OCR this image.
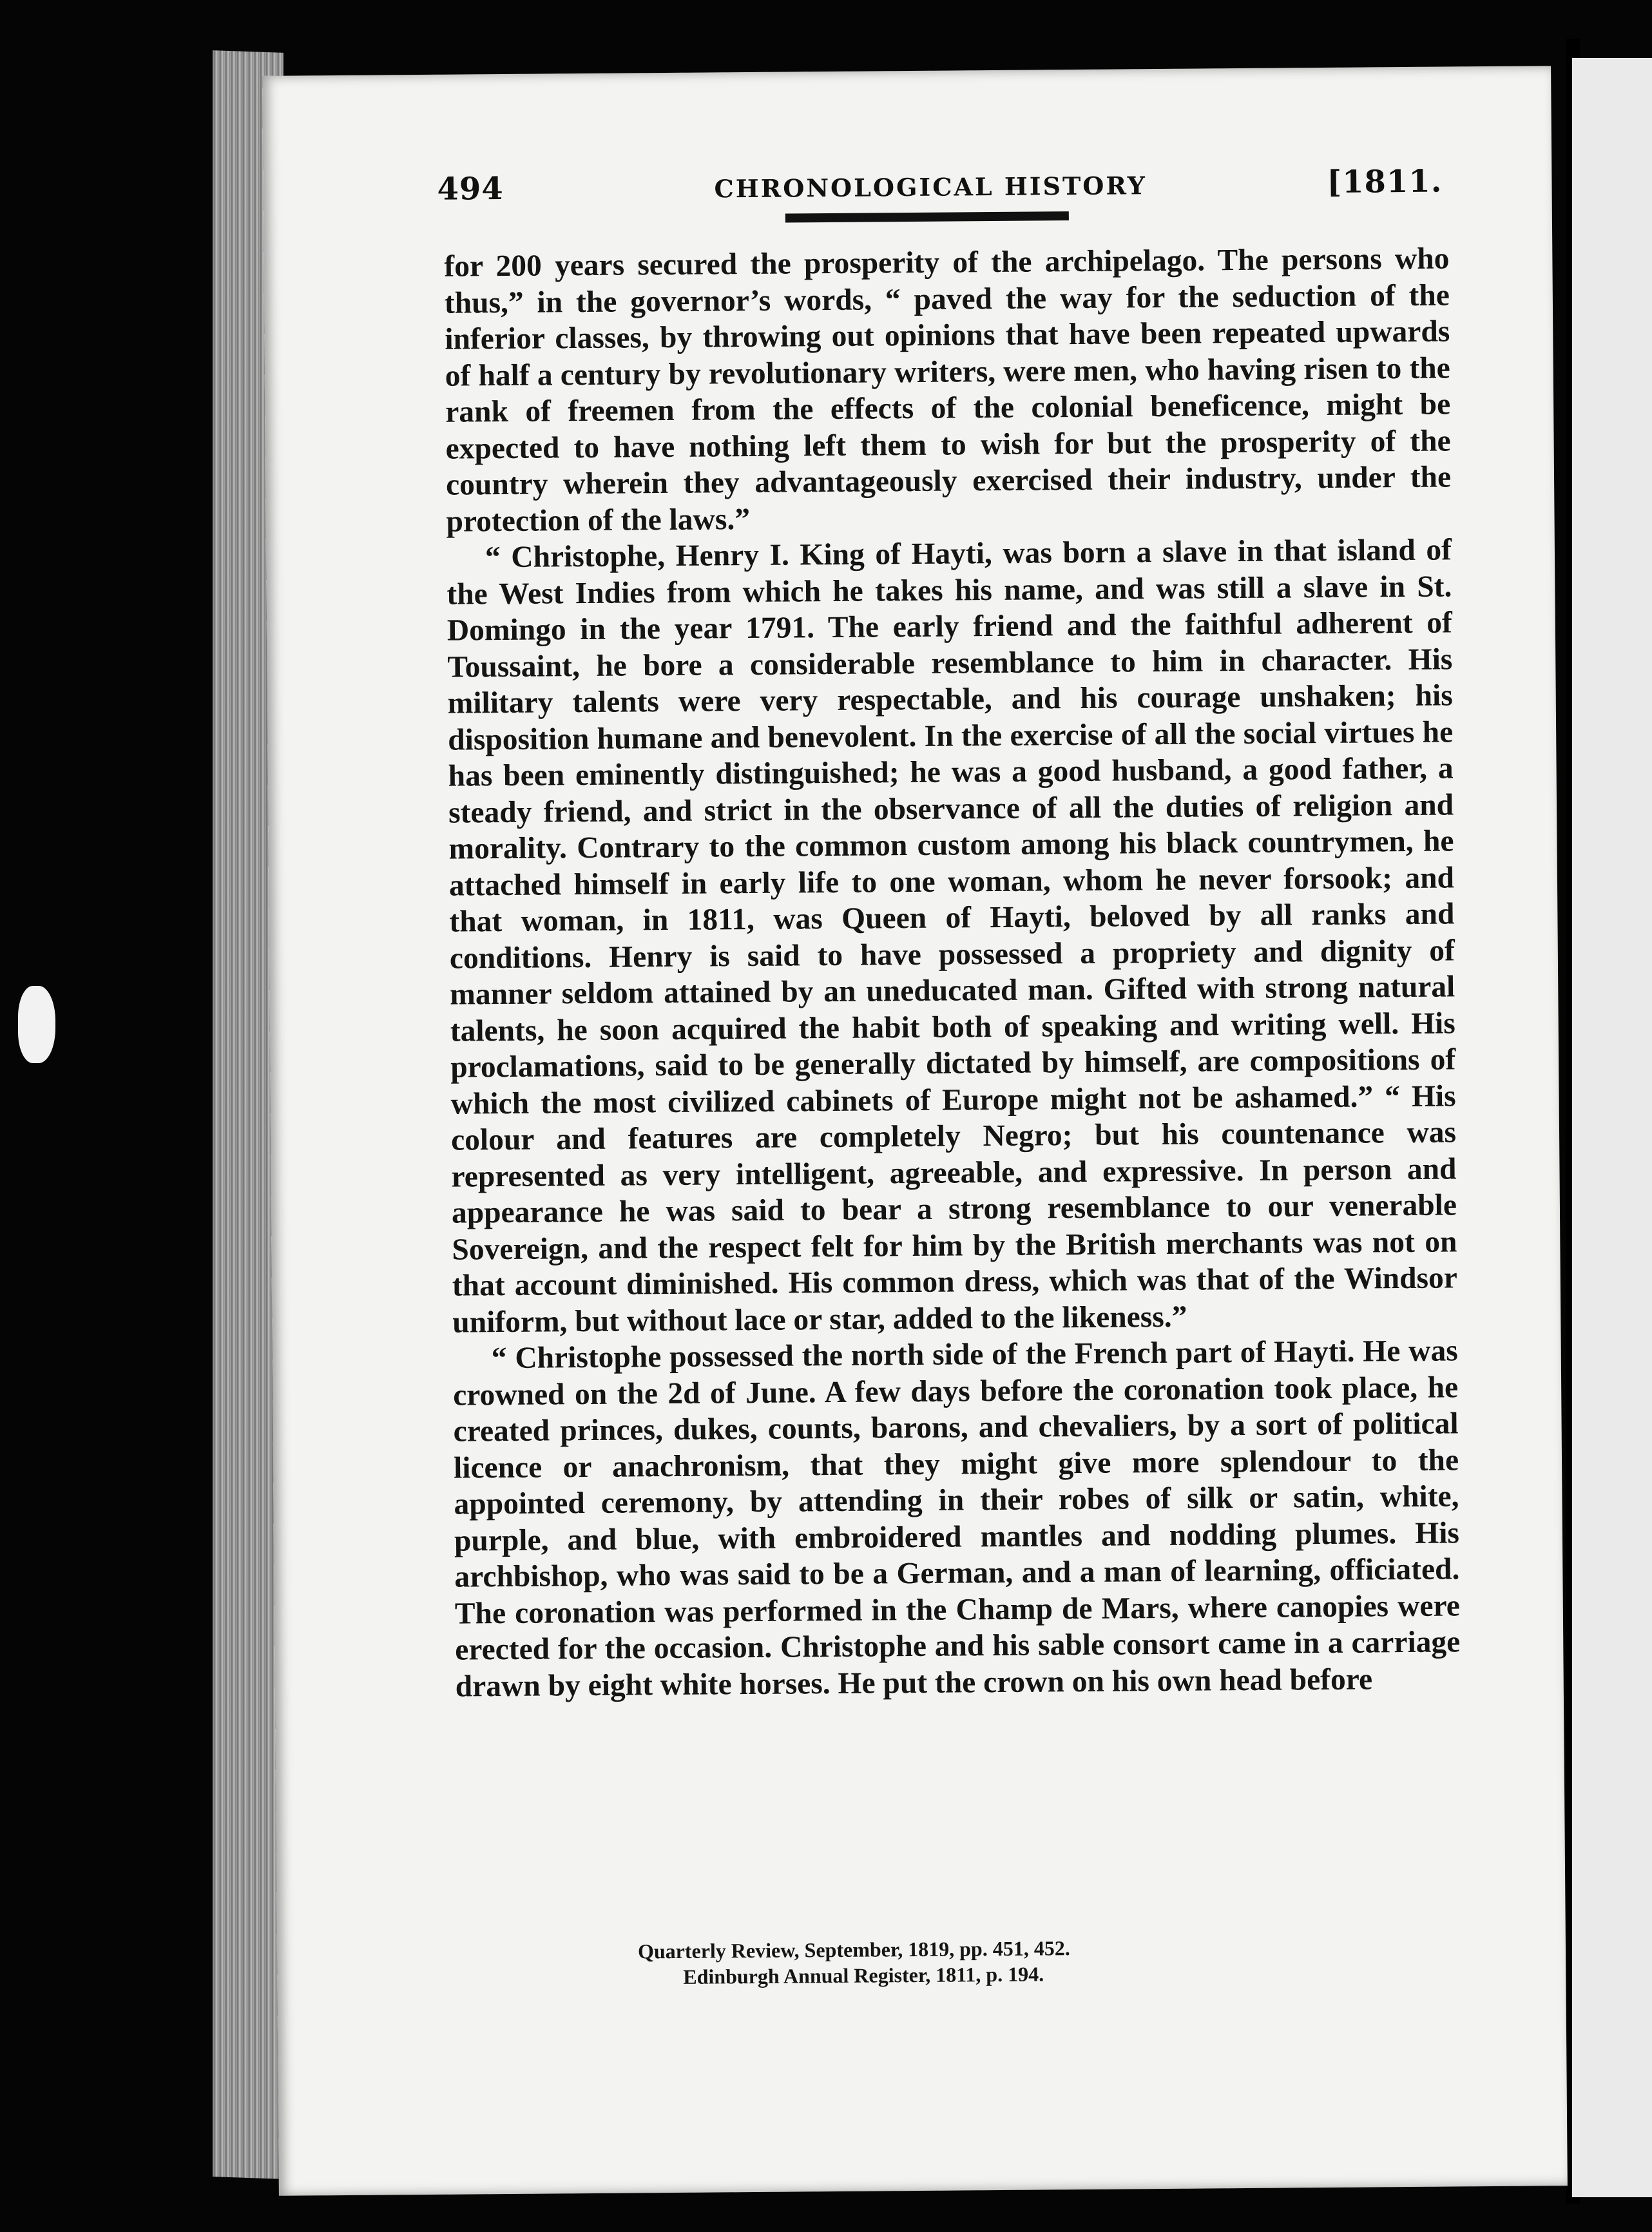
494	CHRONOLOGICAL HISTORY	[1811.

for 200 years secured the prosperity of the archipelago. The persons who thus,” in the governor’s words, “ paved the way for the seduction of the inferior classes, by throwing out opinions that have been repeated upwards of half a century by revolutionary writers, were men, who having risen to the rank of freemen from the effects of the colonial beneficence, might be expected to have nothing left them to wish for but the prosperity of the country wherein they advantageously exercised their industry, under the protection of the laws.”

“ Christophe, Henry I. King of Hayti, was born a slave in that island of the West Indies from which he takes his name, and was still a slave in St. Domingo in the year 1791. The early friend and the faithful adherent of Toussaint, he bore a considerable resemblance to him in character. His military talents were very respectable, and his courage unshaken; his disposition humane and benevolent. In the exercise of all the social virtues he has been eminently distinguished; he was a good husband, a good father, a steady friend, and strict in the observance of all the duties of religion and morality. Contrary to the common custom among his black countrymen, he attached himself in early life to one woman, whom he never forsook; and that woman, in 1811, was Queen of Hayti, beloved by all ranks and conditions. Henry is said to have possessed a propriety and dignity of manner seldom attained by an uneducated man. Gifted with strong natural talents, he soon acquired the habit both of speaking and writing well. His proclamations, said to be generally dictated by himself, are compositions of which the most civilized cabinets of Europe might not be ashamed.” “ His colour and features are completely Negro; but his countenance was represented as very intelligent, agreeable, and expressive. In person and appearance he was said to bear a strong resemblance to our venerable Sovereign, and the respect felt for him by the British merchants was not on that account diminished. His common dress, which was that of the Windsor uniform, but without lace or star, added to the likeness.”

“ Christophe possessed the north side of the French part of Hayti. He was crowned on the 2d of June. A few days before the coronation took place, he created princes, dukes, counts, barons, and chevaliers, by a sort of political licence or anachronism, that they might give more splendour to the appointed ceremony, by attending in their robes of silk or satin, white, purple, and blue, with embroidered mantles and nodding plumes. His archbishop, who was said to be a German, and a man of learning, officiated. The coronation was performed in the Champ de Mars, where canopies were erected for the occasion. Christophe and his sable consort came in a carriage drawn by eight white horses. He put the crown on his own head before

Quarterly Review, September, 1819, pp. 451, 452.
Edinburgh Annual Register, 1811, p. 194.
